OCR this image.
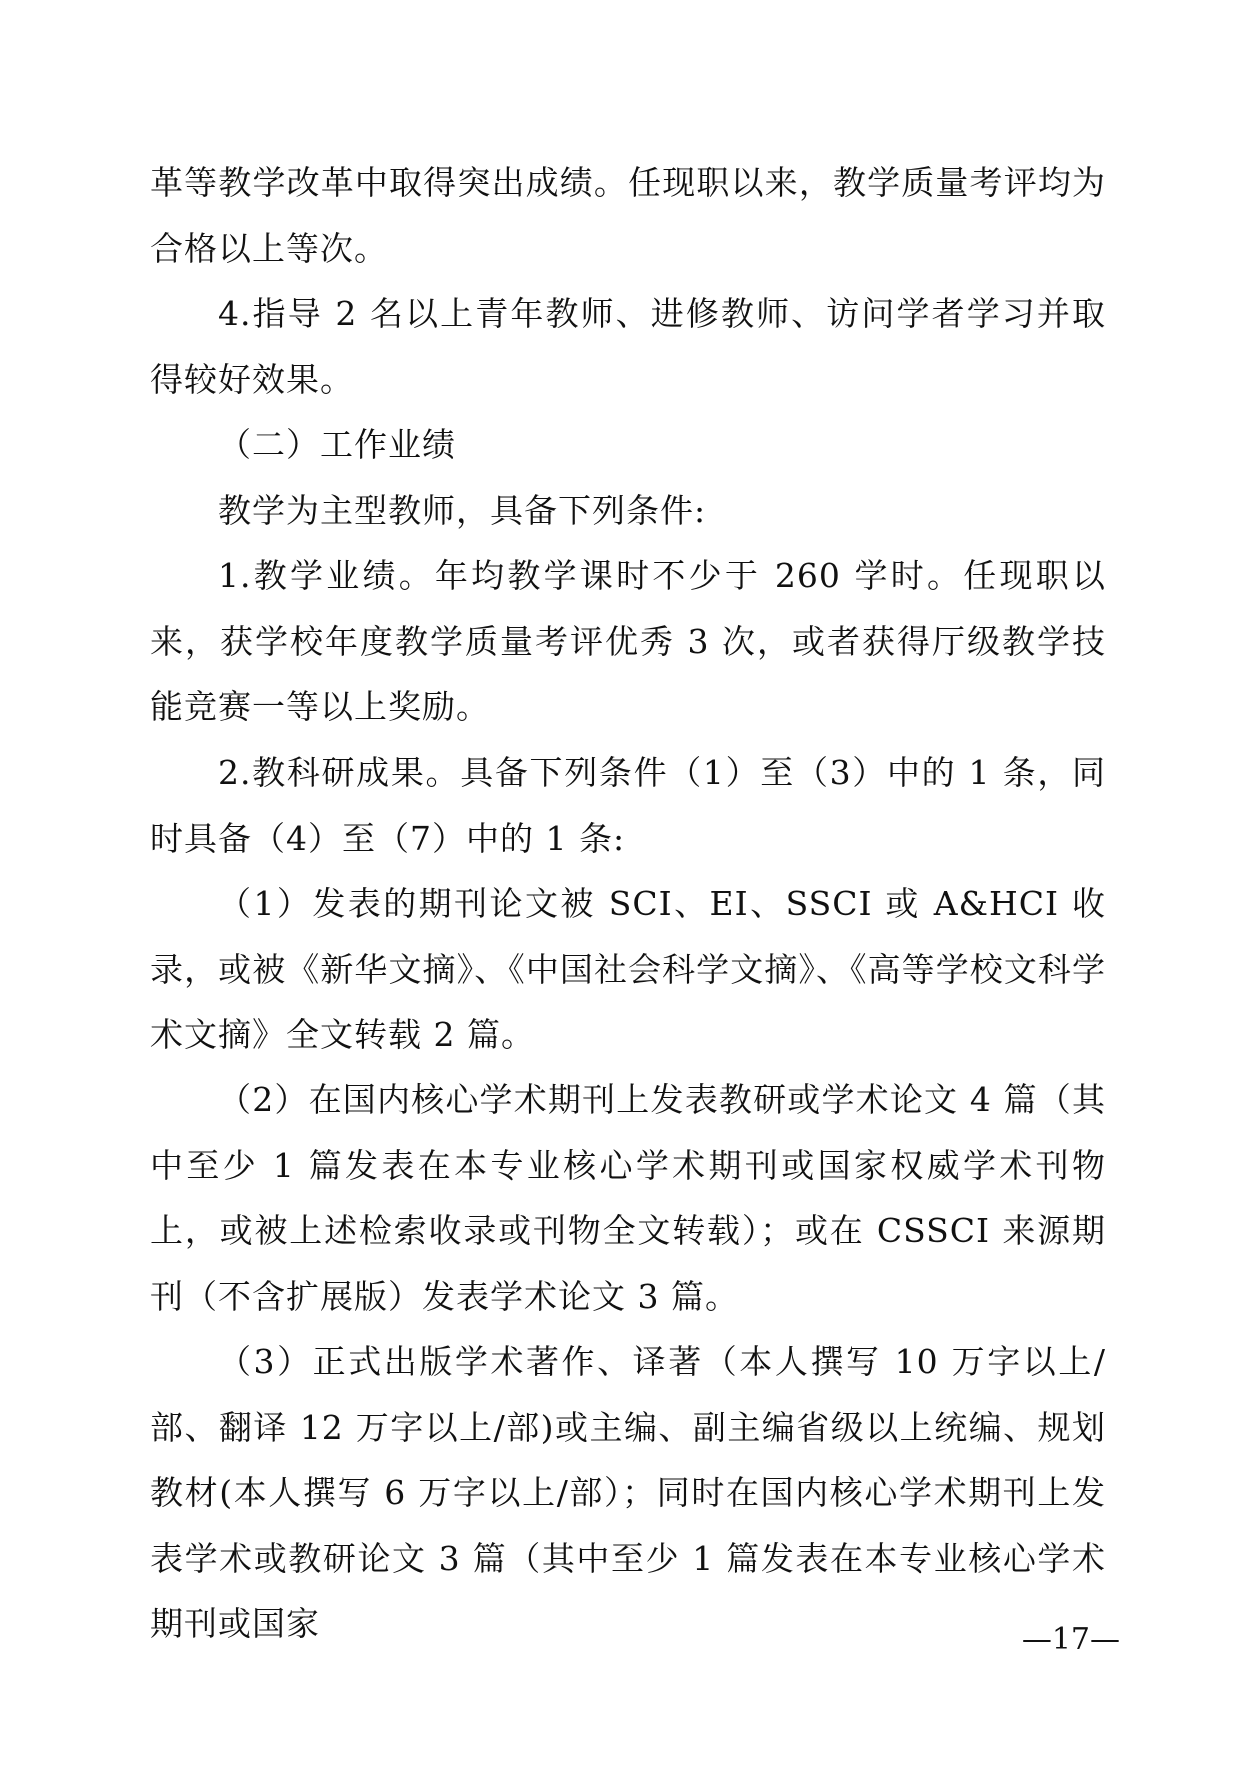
革等教学改革中取得突出成绩。任现职以来，教学质量考评均为合格以上等次。

4.指导 2 名以上青年教师、进修教师、访问学者学习并取得较好效果。

（二）工作业绩

教学为主型教师，具备下列条件:

1.教学业绩。年均教学课时不少于 260 学时。任现职以来，获学校年度教学质量考评优秀 3 次，或者获得厅级教学技能竞赛一等以上奖励。

2.教科研成果。具备下列条件（1）至（3）中的 1 条，同时具备（4）至（7）中的 1 条:

（1）发表的期刊论文被 SCI、EI、SSCI 或 A&HCI 收录，或被《新华文摘》、《中国社会科学文摘》、《高等学校文科学术文摘》全文转载 2 篇。

（2）在国内核心学术期刊上发表教研或学术论文 4 篇（其中至少 1 篇发表在本专业核心学术期刊或国家权威学术刊物上，或被上述检索收录或刊物全文转载）；或在 CSSCI 来源期刊（不含扩展版）发表学术论文 3 篇。

（3）正式出版学术著作、译著（本人撰写 10 万字以上/部、翻译 12 万字以上/部)或主编、副主编省级以上统编、规划教材(本人撰写 6 万字以上/部）；同时在国内核心学术期刊上发表学术或教研论文 3 篇（其中至少 1 篇发表在本专业核心学术期刊或国家	—17—
